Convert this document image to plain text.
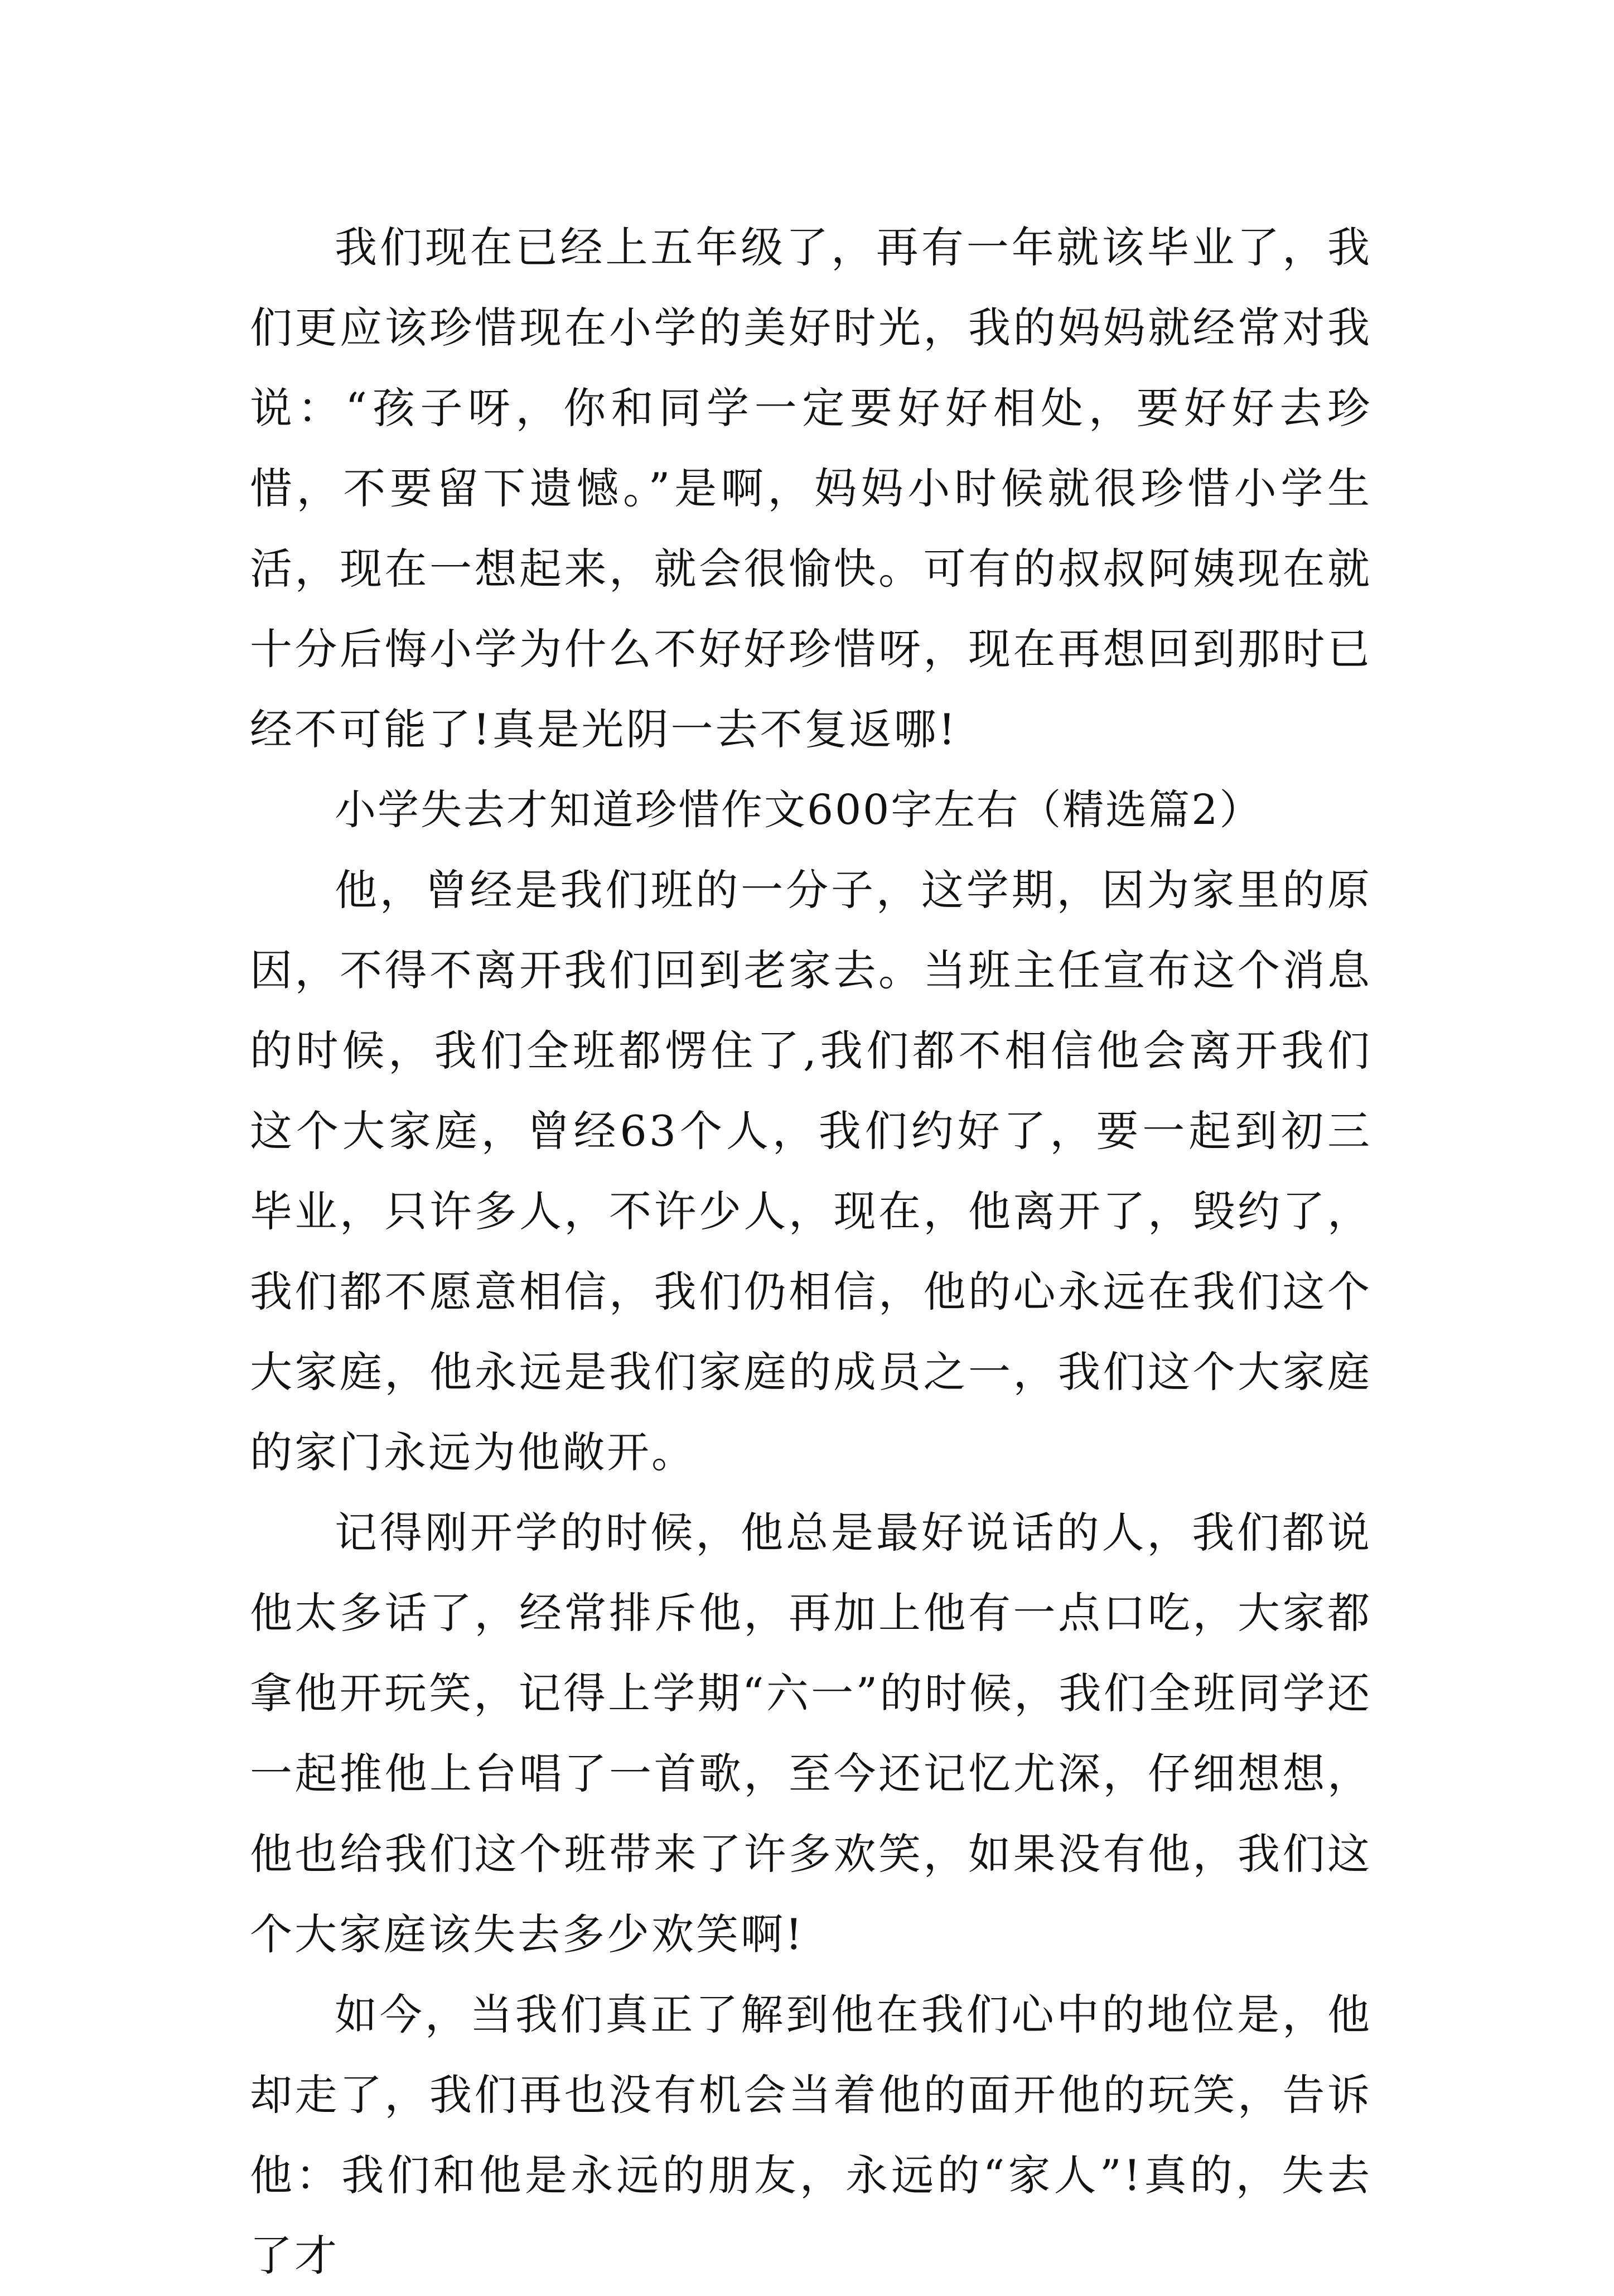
我们现在已经上五年级了，再有一年就该毕业了，我们更应该珍惜现在小学的美好时光，我的妈妈就经常对我说：“孩子呀，你和同学一定要好好相处，要好好去珍惜，不要留下遗憾。”是啊，妈妈小时候就很珍惜小学生活，现在一想起来，就会很愉快。可有的叔叔阿姨现在就十分后悔小学为什么不好好珍惜呀，现在再想回到那时已经不可能了!真是光阴一去不复返哪!

小学失去才知道珍惜作文600字左右（精选篇2）

他，曾经是我们班的一分子，这学期，因为家里的原因，不得不离开我们回到老家去。当班主任宣布这个消息的时候，我们全班都愣住了,我们都不相信他会离开我们这个大家庭，曾经63个人，我们约好了，要一起到初三毕业，只许多人，不许少人，现在，他离开了，毁约了，我们都不愿意相信，我们仍相信，他的心永远在我们这个大家庭，他永远是我们家庭的成员之一，我们这个大家庭的家门永远为他敞开。

记得刚开学的时候，他总是最好说话的人，我们都说他太多话了，经常排斥他，再加上他有一点口吃，大家都拿他开玩笑，记得上学期“六一”的时候，我们全班同学还一起推他上台唱了一首歌，至今还记忆尤深，仔细想想，他也给我们这个班带来了许多欢笑，如果没有他，我们这个大家庭该失去多少欢笑啊!

如今，当我们真正了解到他在我们心中的地位是，他却走了，我们再也没有机会当着他的面开他的玩笑，告诉他：我们和他是永远的朋友，永远的“家人”!真的，失去了才
